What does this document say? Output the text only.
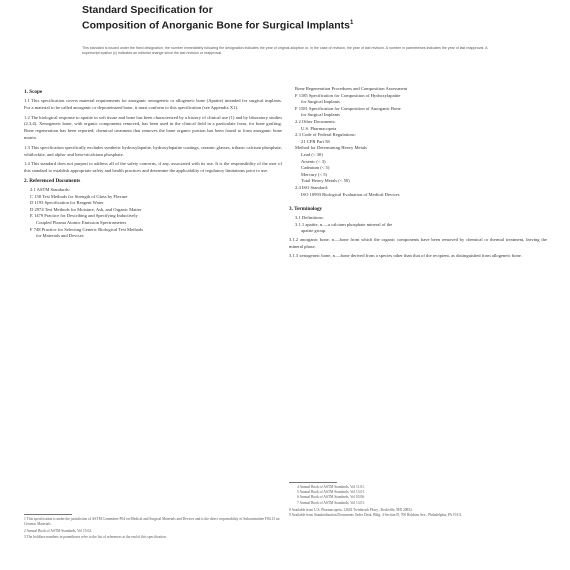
Standard Specification for
Composition of Anorganic Bone for Surgical Implants$^1$
This standard is issued under the fixed designation; the number immediately following the designation indicates the year of original adoption or, in the case of revision, the year of last revision. A number in parentheses indicates the year of last reapproval. A superscript epsilon (ε) indicates an editorial change since the last revision or reapproval.
1. Scope
1.1 This specification covers material requirements for anorganic xenogeneic or allogeneic bone (Apatite) intended for surgical implants. For a material to be called anorganic or deproteinized bone, it must conform to this specification (see Appendix X1).
1.2 The biological response to apatite in soft tissue and bone has been characterized by a history of clinical use (1) and by laboratory studies (2,3,4). Xenogeneic bone, with organic components removed, has been used in the clinical field in a particulate form, for bone grafting. Bone regeneration has been reported; chemical treatment that removes the bone organic portion has been found to form anorganic bone matrix.
1.3 This specification specifically excludes synthetic hydroxylapatite, hydroxylapatite coatings, ceramic glasses, tribasic calcium phosphate, whitlockite, and alpha- and beta-tricalcium phosphate.
1.4 This standard does not purport to address all of the safety concerns, if any, associated with its use. It is the responsibility of the user of this standard to establish appropriate safety and health practices and determine the applicability of regulatory limitations prior to use.
2. Referenced Documents
2.1 ASTM Standards:
C 158 Test Methods for Strength of Glass by Flexure
D 1193 Specification for Reagent Water
D 2974 Test Methods for Moisture, Ash, and Organic Matter
E 1479 Practice for Describing and Specifying Inductively
Coupled Plasma Atomic Emission Spectrometers
F 748 Practice for Selecting Generic Biological Test Methods
for Materials and Devices
1 This specification is under the jurisdiction of ASTM Committee F04 on Medical and Surgical Materials and Devices and is the direct responsibility of Subcommittee F04.13 on Ceramic Materials.
2 Annual Book of ASTM Standards, Vol 15.02.
3 The boldface numbers in parentheses refer to the list of references at the end of this specification.
Bone Regeneration Procedures and Composition Assessment
F 1185 Specification for Composition of Hydroxylapatite
for Surgical Implants
F 1581 Specification for Composition of Anorganic Bone
for Surgical Implants
2.2 Other Documents:
U.S. Pharmacopeia
2.3 Code of Federal Regulations:
21 CFR Part 58
Method for Determining Heavy Metals
Lead (< 30)
Arsenic (< 3)
Cadmium (< 5)
Mercury (< 5)
Total Heavy Metals (< 50)
2.4 ISO Standard:
ISO 10993 Biological Evaluation of Medical Devices
3. Terminology
3.1 Definitions:
3.1.1 apatite, n.—a calcium phosphate mineral of the
apatite group.
3.1.2 anorganic bone, n.—bone from which the organic components have been removed by chemical or thermal treatment, leaving the mineral phase.
3.1.3 xenogeneic bone, n.—bone derived from a species other than that of the recipient, as distinguished from allogeneic bone.
4 Annual Book of ASTM Standards, Vol 11.01.
5 Annual Book of ASTM Standards, Vol 13.01.
6 Annual Book of ASTM Standards, Vol 03.06.
7 Annual Book of ASTM Standards, Vol 13.01.
8 Available from U.S. Pharmacopeia, 12601 Twinbrook Pkwy., Rockville, MD 20852.
9 Available from Standardization Documents Order Desk, Bldg. 4 Section D, 700 Robbins Ave., Philadelphia, PA 19111.
